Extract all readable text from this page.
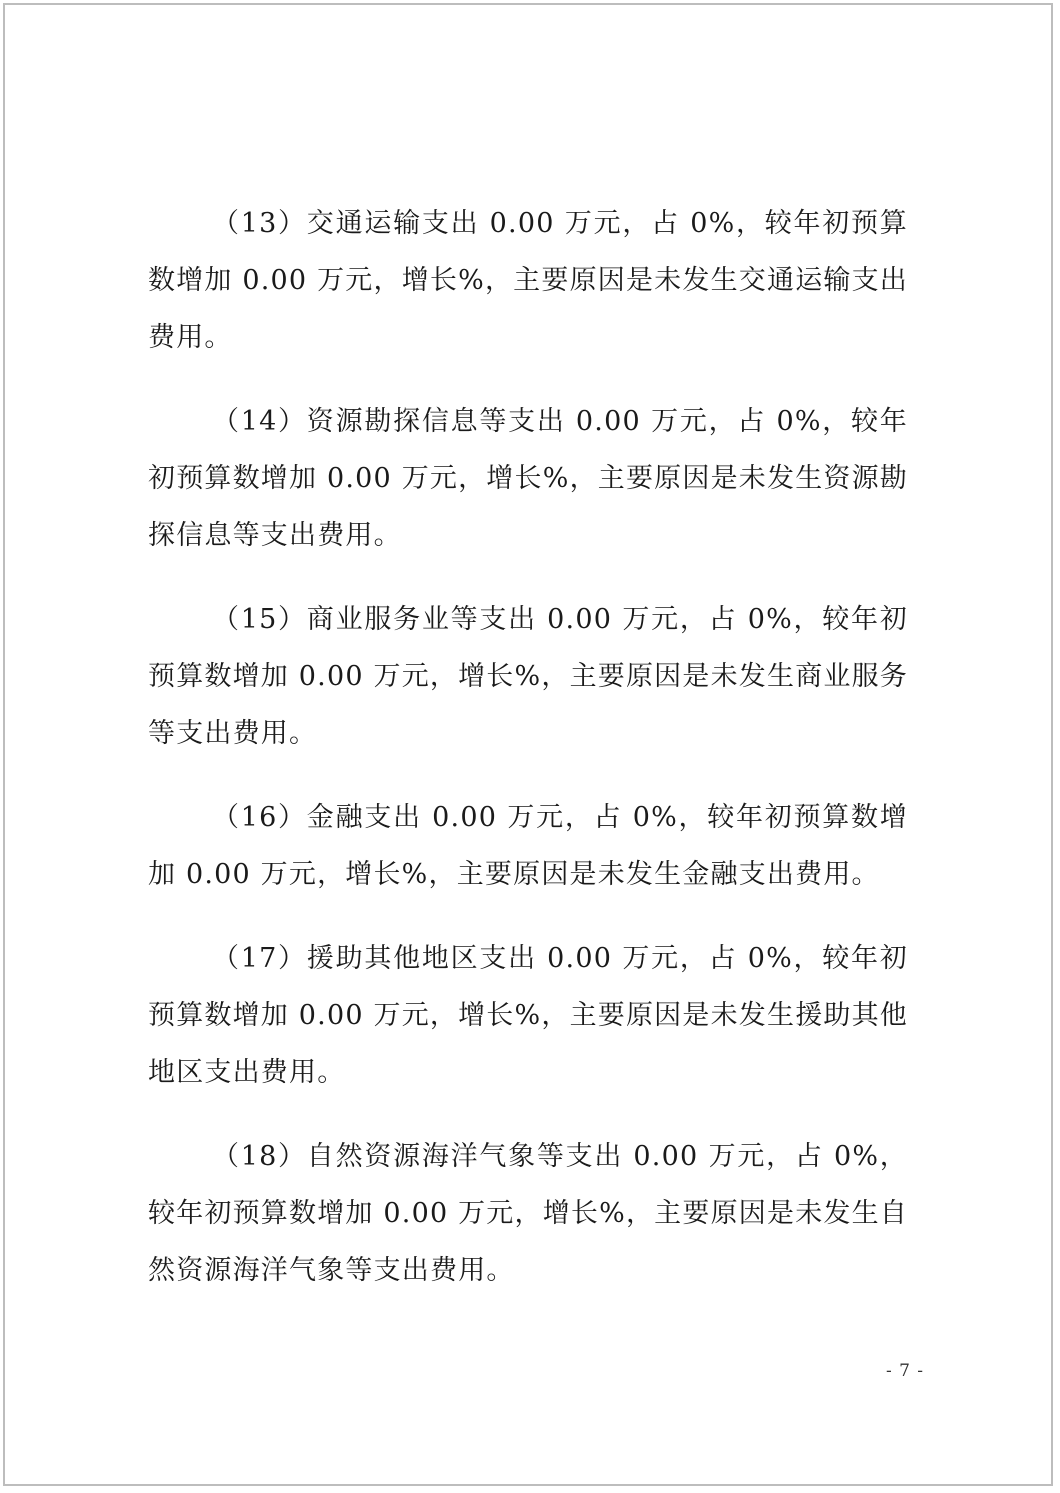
（13）交通运输支出 0.00 万元，占 0%，较年初预算数增加 0.00 万元，增长%，主要原因是未发生交通运输支出费用。

（14）资源勘探信息等支出 0.00 万元，占 0%，较年初预算数增加 0.00 万元，增长%，主要原因是未发生资源勘探信息等支出费用。

（15）商业服务业等支出 0.00 万元，占 0%，较年初预算数增加 0.00 万元，增长%，主要原因是未发生商业服务等支出费用。

（16）金融支出 0.00 万元，占 0%，较年初预算数增加 0.00 万元，增长%，主要原因是未发生金融支出费用。

（17）援助其他地区支出 0.00 万元，占 0%，较年初预算数增加 0.00 万元，增长%，主要原因是未发生援助其他地区支出费用。

（18）自然资源海洋气象等支出 0.00 万元，占 0%，较年初预算数增加 0.00 万元，增长%，主要原因是未发生自然资源海洋气象等支出费用。

- 7 -
